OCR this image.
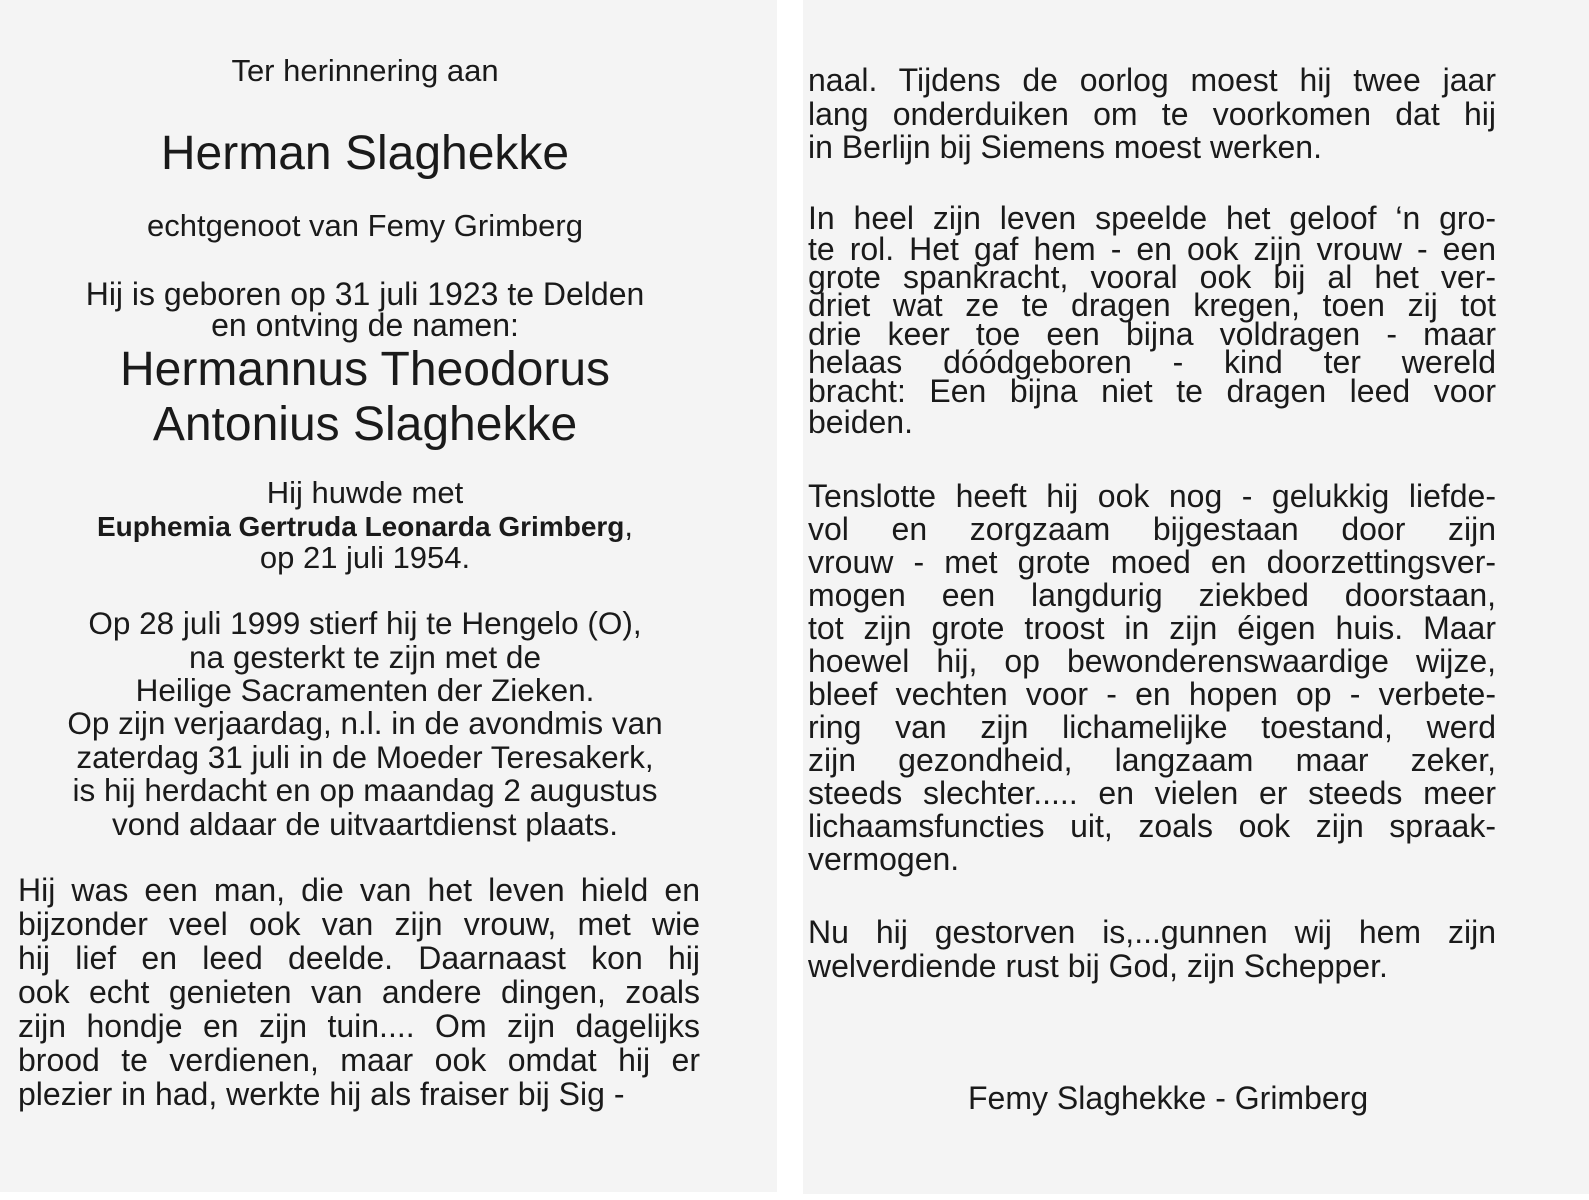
Ter herinnering aan
Herman Slaghekke
echtgenoot van Femy Grimberg
Hij is geboren op 31 juli 1923 te Delden
en ontving de namen:
Hermannus Theodorus
Antonius Slaghekke
Hij huwde met
Euphemia Gertruda Leonarda Grimberg,
op 21 juli 1954.
Op 28 juli 1999 stierf hij te Hengelo (O),
na gesterkt te zijn met de
Heilige Sacramenten der Zieken.
Op zijn verjaardag, n.l. in de avondmis van
zaterdag 31 juli in de Moeder Teresakerk,
is hij herdacht en op maandag 2 augustus
vond aldaar de uitvaartdienst plaats.
Hij was een man, die van het leven hield en
bijzonder veel ook van zijn vrouw, met wie
hij lief en leed deelde. Daarnaast kon hij
ook echt genieten van andere dingen, zoals
zijn hondje en zijn tuin.... Om zijn dagelijks
brood te verdienen, maar ook omdat hij er
plezier in had, werkte hij als fraiser bij Sig -
naal. Tijdens de oorlog moest hij twee jaar
lang onderduiken om te voorkomen dat hij
in Berlijn bij Siemens moest werken.
In heel zijn leven speelde het geloof ‘n gro-
te rol. Het gaf hem - en ook zijn vrouw - een
grote spankracht, vooral ook bij al het ver-
driet wat ze te dragen kregen, toen zij tot
drie keer toe een bijna voldragen - maar
helaas dóódgeboren - kind ter wereld
bracht: Een bijna niet te dragen leed voor
beiden.
Tenslotte heeft hij ook nog - gelukkig liefde-
vol en zorgzaam bijgestaan door zijn
vrouw - met grote moed en doorzettingsver-
mogen een langdurig ziekbed doorstaan,
tot zijn grote troost in zijn éigen huis. Maar
hoewel hij, op bewonderenswaardige wijze,
bleef vechten voor - en hopen op - verbete-
ring van zijn lichamelijke toestand, werd
zijn gezondheid, langzaam maar zeker,
steeds slechter..... en vielen er steeds meer
lichaamsfuncties uit, zoals ook zijn spraak-
vermogen.
Nu hij gestorven is,...gunnen wij hem zijn
welverdiende rust bij God, zijn Schepper.
Femy Slaghekke - Grimberg
